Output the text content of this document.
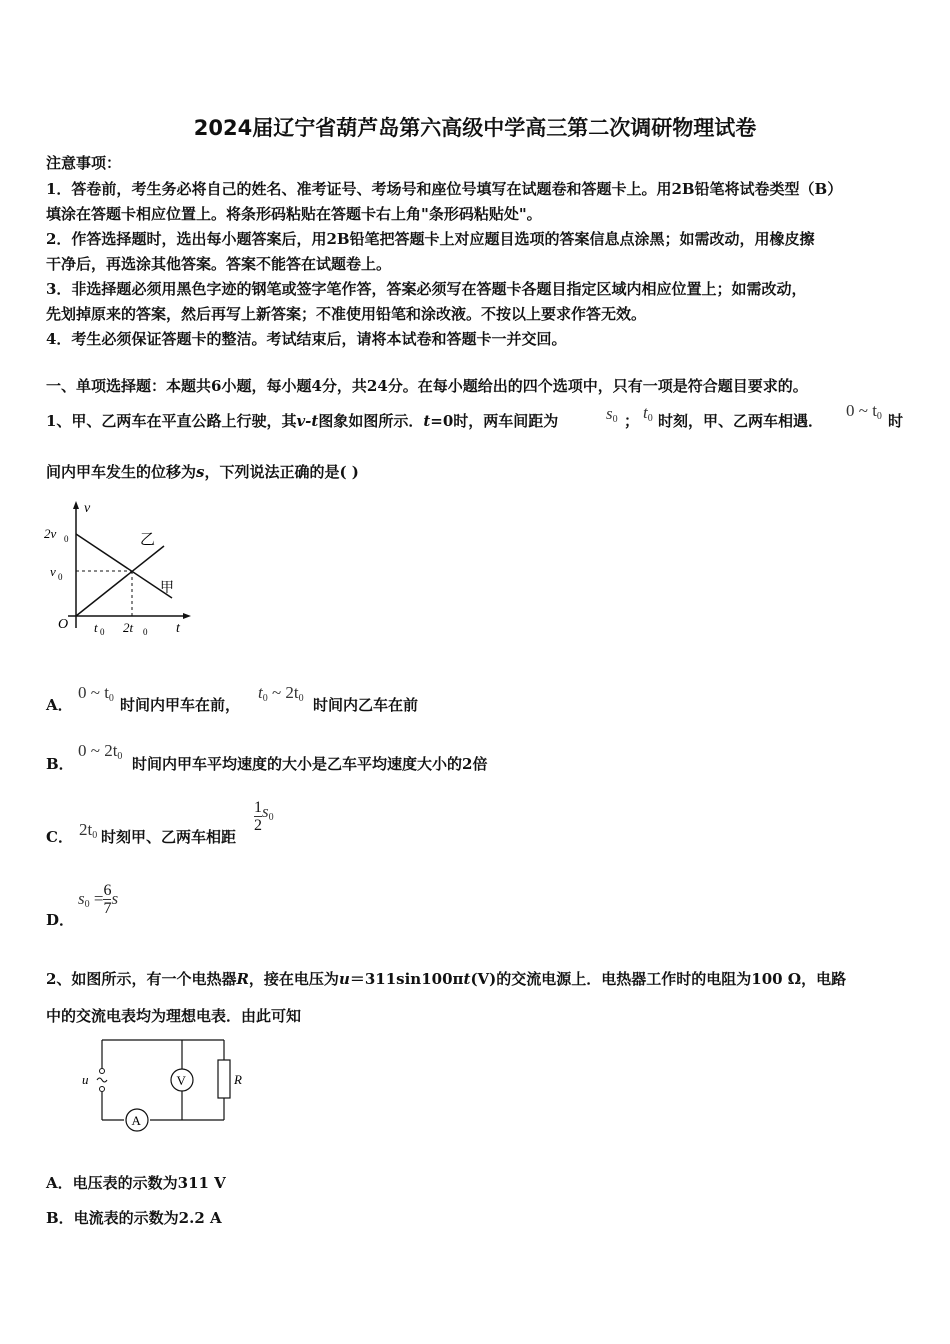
2024届辽宁省葫芦岛第六高级中学高三第二次调研物理试卷
注意事项：
1．答卷前，考生务必将自己的姓名、准考证号、考场号和座位号填写在试题卷和答题卡上。用2B铅笔将试卷类型（B）
填涂在答题卡相应位置上。将条形码粘贴在答题卡右上角"条形码粘贴处"。
2．作答选择题时，选出每小题答案后，用2B铅笔把答题卡上对应题目选项的答案信息点涂黑；如需改动，用橡皮擦
干净后，再选涂其他答案。答案不能答在试题卷上。
3．非选择题必须用黑色字迹的钢笔或签字笔作答，答案必须写在答题卡各题目指定区域内相应位置上；如需改动，
先划掉原来的答案，然后再写上新答案；不准使用铅笔和涂改液。不按以上要求作答无效。
4．考生必须保证答题卡的整洁。考试结束后，请将本试卷和答题卡一并交回。
一、单项选择题：本题共6小题，每小题4分，共24分。在每小题给出的四个选项中，只有一项是符合题目要求的。
1、甲、乙两车在平直公路上行驶，其v-t图象如图所示．t=0时，两车间距为	$s_0$ ； $t_0$ 时刻，甲、乙两车相遇．
0 ~ $t_0$ 时
间内甲车发生的位移为s，下列说法正确的是( )
v
2v 0
v 0
O t 0 2t 0 t
乙
甲
A．
0 ~ $t_0$ 时间内甲车在前，
$t_0$ ~ $2t_0$ 时间内乙车在前
B．
0 ~ $2t_0$ 时间内甲车平均速度的大小是乙车平均速度大小的2倍
C． $2t_0$ 时刻甲、乙两车相距
$\frac{1}{2} s_0$
D．
$s_0 = \frac{6}{7}$ s
2、如图所示，有一个电热器R，接在电压为u＝311sin100πt(V)的交流电源上．电热器工作时的电阻为100 Ω，电路
中的交流电表均为理想电表．由此可知
u	V	R
A
A．电压表的示数为311 V
B．电流表的示数为2.2 A
